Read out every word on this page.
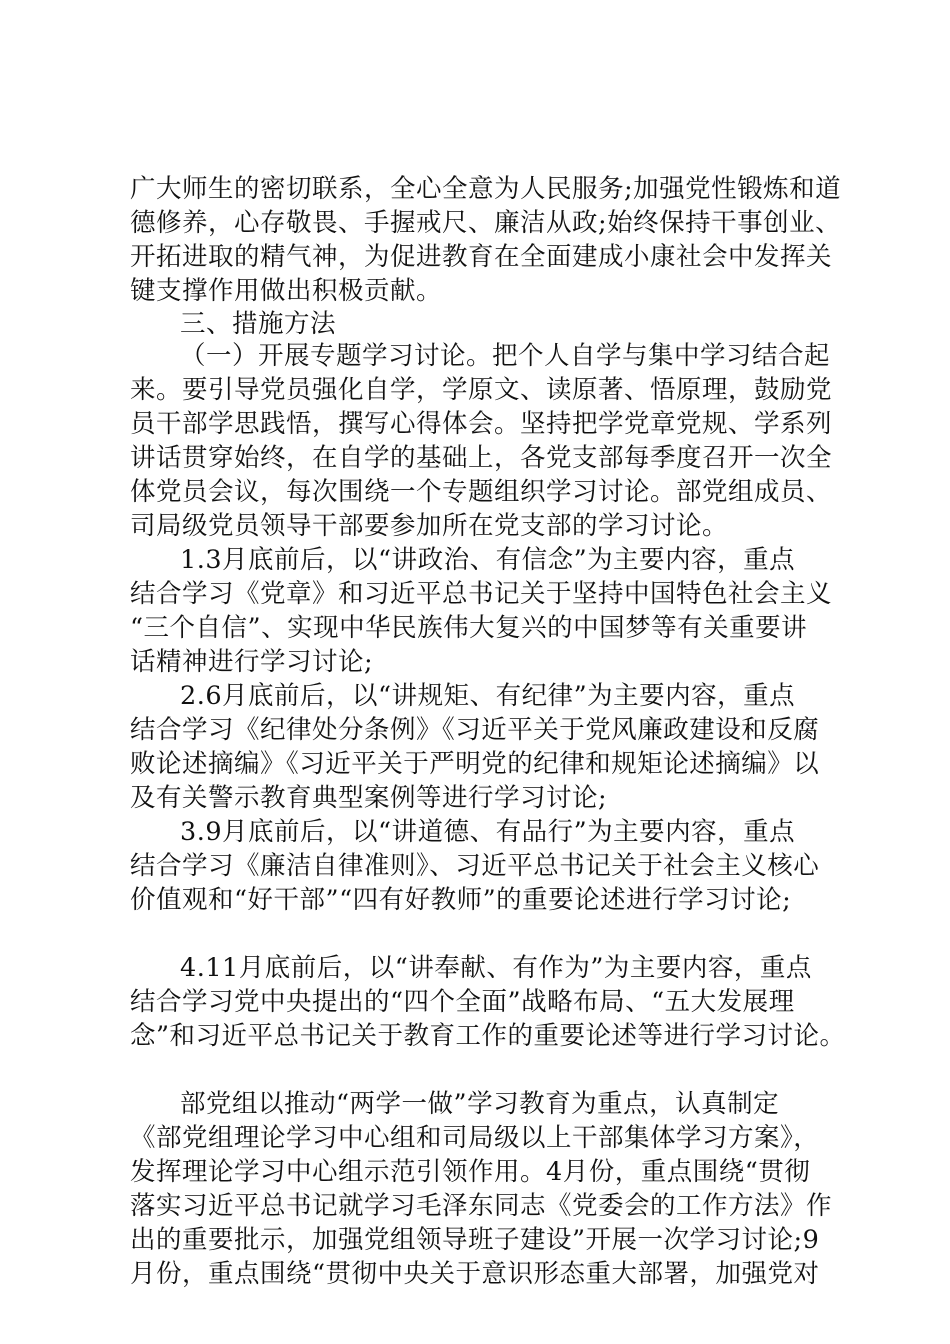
广大师生的密切联系，全心全意为人民服务;加强党性锻炼和道
德修养，心存敬畏、手握戒尺、廉洁从政;始终保持干事创业、
开拓进取的精气神，为促进教育在全面建成小康社会中发挥关
键支撑作用做出积极贡献。
三、措施方法
（一）开展专题学习讨论。把个人自学与集中学习结合起
来。要引导党员强化自学，学原文、读原著、悟原理，鼓励党
员干部学思践悟，撰写心得体会。坚持把学党章党规、学系列
讲话贯穿始终，在自学的基础上，各党支部每季度召开一次全
体党员会议，每次围绕一个专题组织学习讨论。部党组成员、
司局级党员领导干部要参加所在党支部的学习讨论。
1.3月底前后，以“讲政治、有信念”为主要内容，重点
结合学习《党章》和习近平总书记关于坚持中国特色社会主义
“三个自信”、实现中华民族伟大复兴的中国梦等有关重要讲
话精神进行学习讨论;
2.6月底前后，以“讲规矩、有纪律”为主要内容，重点
结合学习《纪律处分条例》《习近平关于党风廉政建设和反腐
败论述摘编》《习近平关于严明党的纪律和规矩论述摘编》以
及有关警示教育典型案例等进行学习讨论;
3.9月底前后，以“讲道德、有品行”为主要内容，重点
结合学习《廉洁自律准则》、习近平总书记关于社会主义核心
价值观和“好干部”“四有好教师”的重要论述进行学习讨论;
4.11月底前后，以“讲奉献、有作为”为主要内容，重点
结合学习党中央提出的“四个全面”战略布局、“五大发展理
念”和习近平总书记关于教育工作的重要论述等进行学习讨论。
部党组以推动“两学一做”学习教育为重点，认真制定
《部党组理论学习中心组和司局级以上干部集体学习方案》，
发挥理论学习中心组示范引领作用。4月份，重点围绕“贯彻
落实习近平总书记就学习毛泽东同志《党委会的工作方法》作
出的重要批示，加强党组领导班子建设”开展一次学习讨论;9
月份，重点围绕“贯彻中央关于意识形态重大部署，加强党对
